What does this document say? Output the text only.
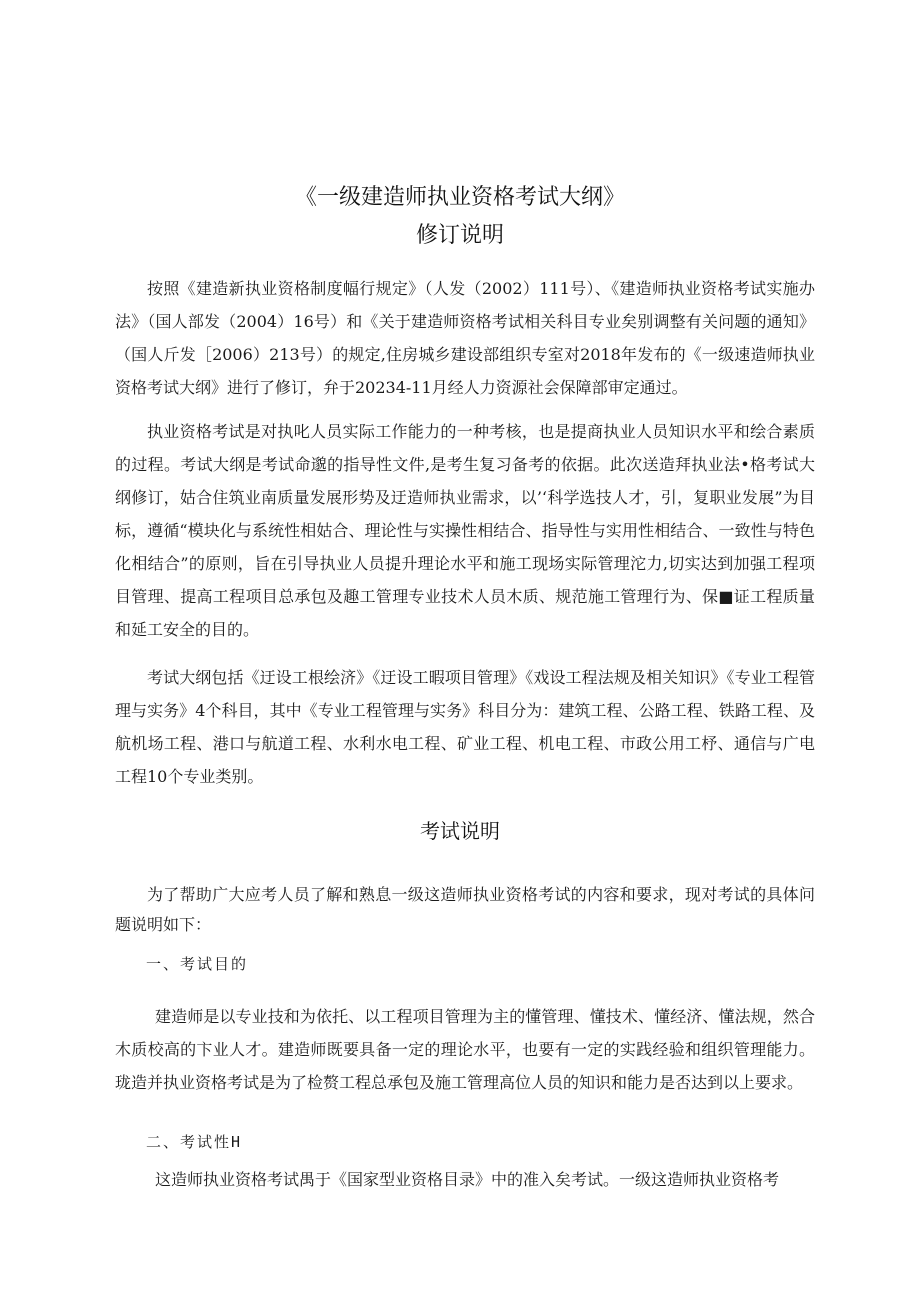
《一级建造师执业资格考试大纲》
修订说明

按照《建造新执业资格制度幅行规定》（人发（2002）111号）、《建造师执业资格考试实施办法》（国人部发（2004）16号）和《关于建造师资格考试相关科目专业矣别调整有关问题的通知》（国人斤发［2006）213号）的规定,住房城乡建设部组织专室对2018年发布的《一级速造师执业资格考试大纲》进行了修订，弁于20234-11月经人力资源社会保障部审定通过。

执业资格考试是对执叱人员实际工作能力的一种考核，也是提商执业人员知识水平和绘合素质的过程。考试大纲是考试命邈的指导性文件,是考生复习备考的依据。此次送造拜执业法•格考试大纲修订，姑合住筑业南质量发展形势及迂造师执业需求，以’‘科学选技人才，引，复职业发展”为目标，遵循“模块化与系统性相姑合、理论性与实操性相结合、指导性与实用性相结合、一致性与特色化相结合”的原则，旨在引导执业人员提升理论水平和施工现场实际管理沱力,切实达到加强工程项目管理、提高工程项目总承包及趣工管理专业技术人员木质、规范施工管理行为、保■证工程质量和延工安全的目的。

考试大纲包括《迂设工根绘济》《迂设工暇项目管理》《戏设工程法规及相关知识》《专业工程管理与实务》4个科目，其中《专业工程管理与实务》科目分为：建筑工程、公路工程、铁路工程、及航机场工程、港口与航道工程、水利水电工程、矿业工程、机电工程、市政公用工杼、通信与广电工程10个专业类别。

考试说明

为了帮助广大应考人员了解和熟息一级这造师执业资格考试的内容和要求，现对考试的具体问题说明如下：

一、考试目的

建造师是以专业技和为依托、以工程项目管理为主的懂管理、懂技术、懂经济、懂法规，然合木质校高的卞业人才。建造师既要具备一定的理论水平，也要有一定的实践经验和组织管理能力。珑造并执业资格考试是为了检赘工程总承包及施工管理高位人员的知识和能力是否达到以上要求。

二、考试性H

这造师执业资格考试禺于《国家型业资格目录》中的准入矣考试。一级这造师执业资格考
